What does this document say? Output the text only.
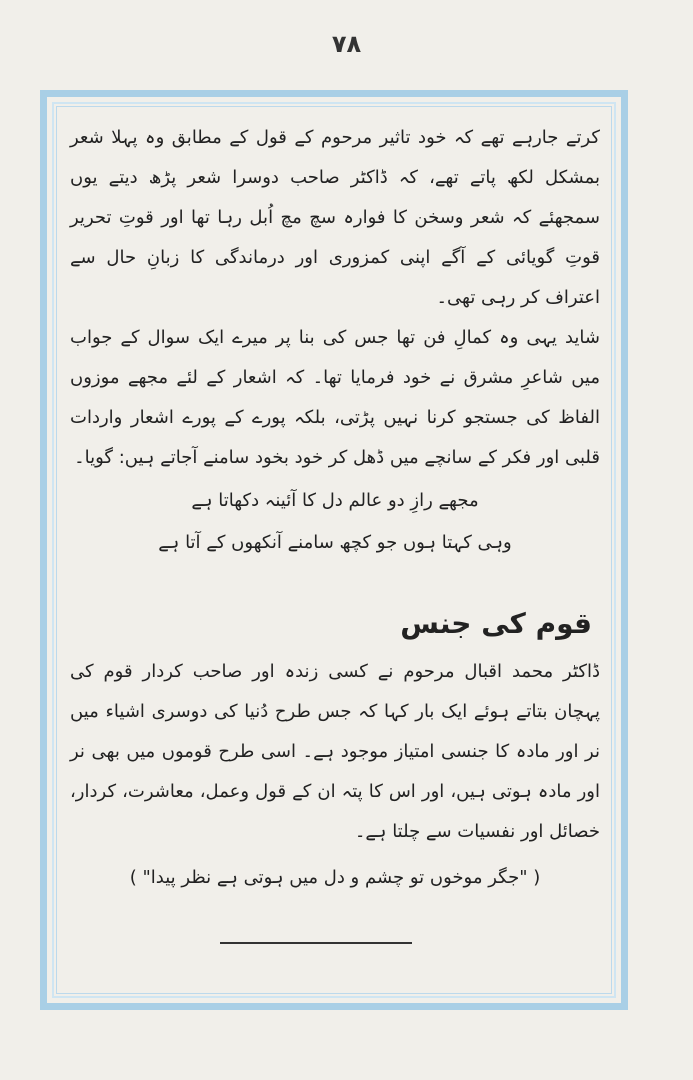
۷۸

کرتے جارہے تھے کہ خود تاثیر مرحوم کے قول کے مطابق وہ پہلا شعر بمشکل لکھ پاتے تھے، کہ ڈاکٹر صاحب دوسرا شعر پڑھ دیتے یوں سمجھئے کہ شعر وسخن کا فوارہ سچ مچ اُبل رہا تھا اور قوتِ تحریر قوتِ گویائی کے آگے اپنی کمزوری اور درماندگی کا زبانِ حال سے اعتراف کر رہی تھی۔

شاید یہی وہ کمالِ فن تھا جس کی بنا پر میرے ایک سوال کے جواب میں شاعرِ مشرق نے خود فرمایا تھا۔ کہ اشعار کے لئے مجھے موزوں الفاظ کی جستجو کرنا نہیں پڑتی، بلکہ پورے کے پورے اشعار واردات قلبی اور فکر کے سانچے میں ڈھل کر خود بخود سامنے آجاتے ہیں: گویا۔

مجھے رازِ دو عالم دل کا آئینہ دکھاتا ہے

وہی کہتا ہوں جو کچھ سامنے آنکھوں کے آتا ہے

قوم کی جنس

ڈاکٹر محمد اقبال مرحوم نے کسی زندہ اور صاحب کردار قوم کی پہچان بتاتے ہوئے ایک بار کہا کہ جس طرح دُنیا کی دوسری اشیاء میں نر اور مادہ کا جنسی امتیاز موجود ہے۔ اسی طرح قوموں میں بھی نر اور مادہ ہوتی ہیں، اور اس کا پتہ ان کے قول وعمل، معاشرت، کردار، خصائل اور نفسیات سے چلتا ہے۔

( "جگر موخوں تو چشم و دل میں ہوتی ہے نظر پیدا" )
